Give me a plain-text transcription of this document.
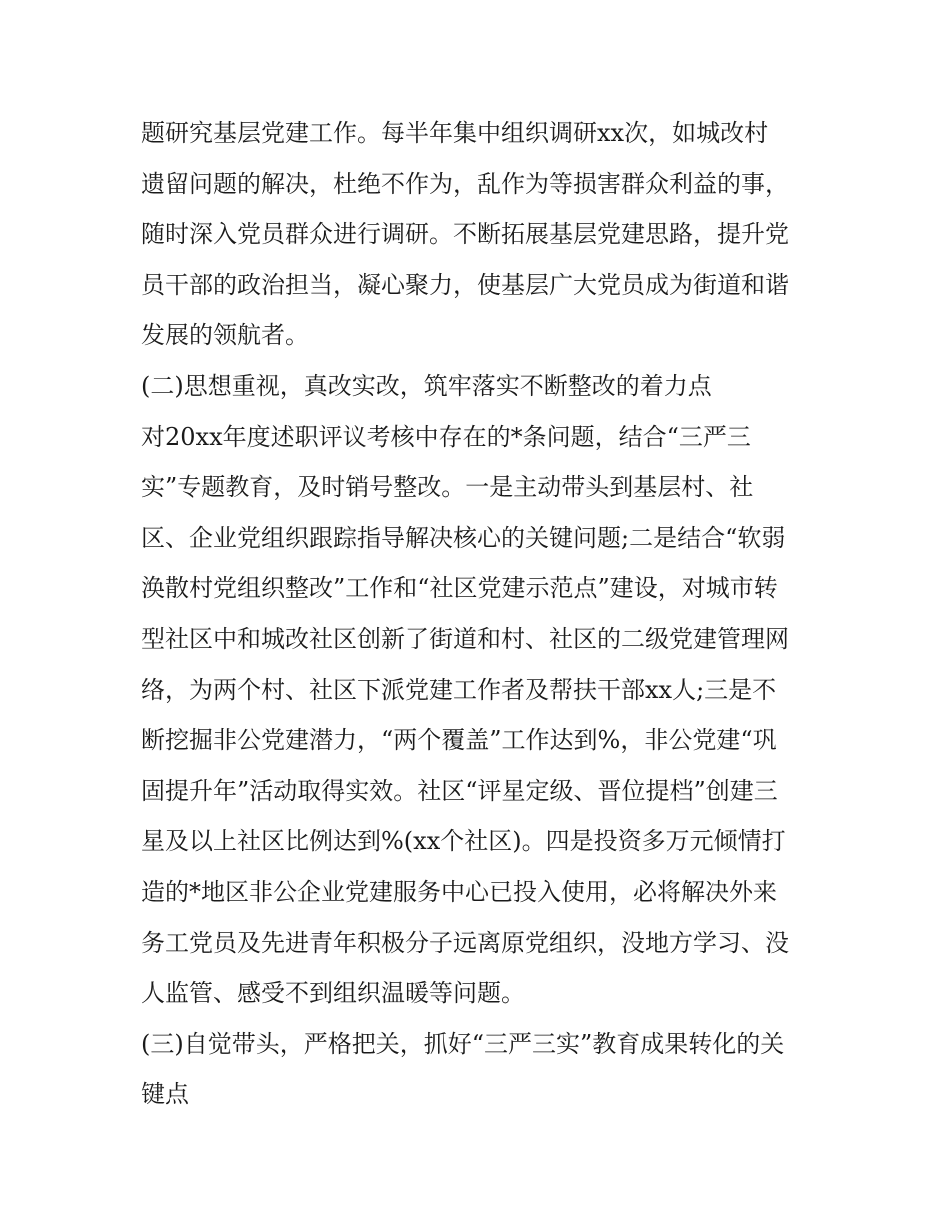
题研究基层党建工作。每半年集中组织调研xx次，如城改村
遗留问题的解决，杜绝不作为，乱作为等损害群众利益的事，
随时深入党员群众进行调研。不断拓展基层党建思路，提升党
员干部的政治担当，凝心聚力，使基层广大党员成为街道和谐
发展的领航者。
(二)思想重视，真改实改，筑牢落实不断整改的着力点
对20xx年度述职评议考核中存在的*条问题，结合“三严三
实”专题教育，及时销号整改。一是主动带头到基层村、社
区、企业党组织跟踪指导解决核心的关键问题;二是结合“软弱
涣散村党组织整改”工作和“社区党建示范点”建设，对城市转
型社区中和城改社区创新了街道和村、社区的二级党建管理网
络，为两个村、社区下派党建工作者及帮扶干部xx人;三是不
断挖掘非公党建潜力，“两个覆盖”工作达到%，非公党建“巩
固提升年”活动取得实效。社区“评星定级、晋位提档”创建三
星及以上社区比例达到%(xx个社区)。四是投资多万元倾情打
造的*地区非公企业党建服务中心已投入使用，必将解决外来
务工党员及先进青年积极分子远离原党组织，没地方学习、没
人监管、感受不到组织温暖等问题。
(三)自觉带头，严格把关，抓好“三严三实”教育成果转化的关
键点
